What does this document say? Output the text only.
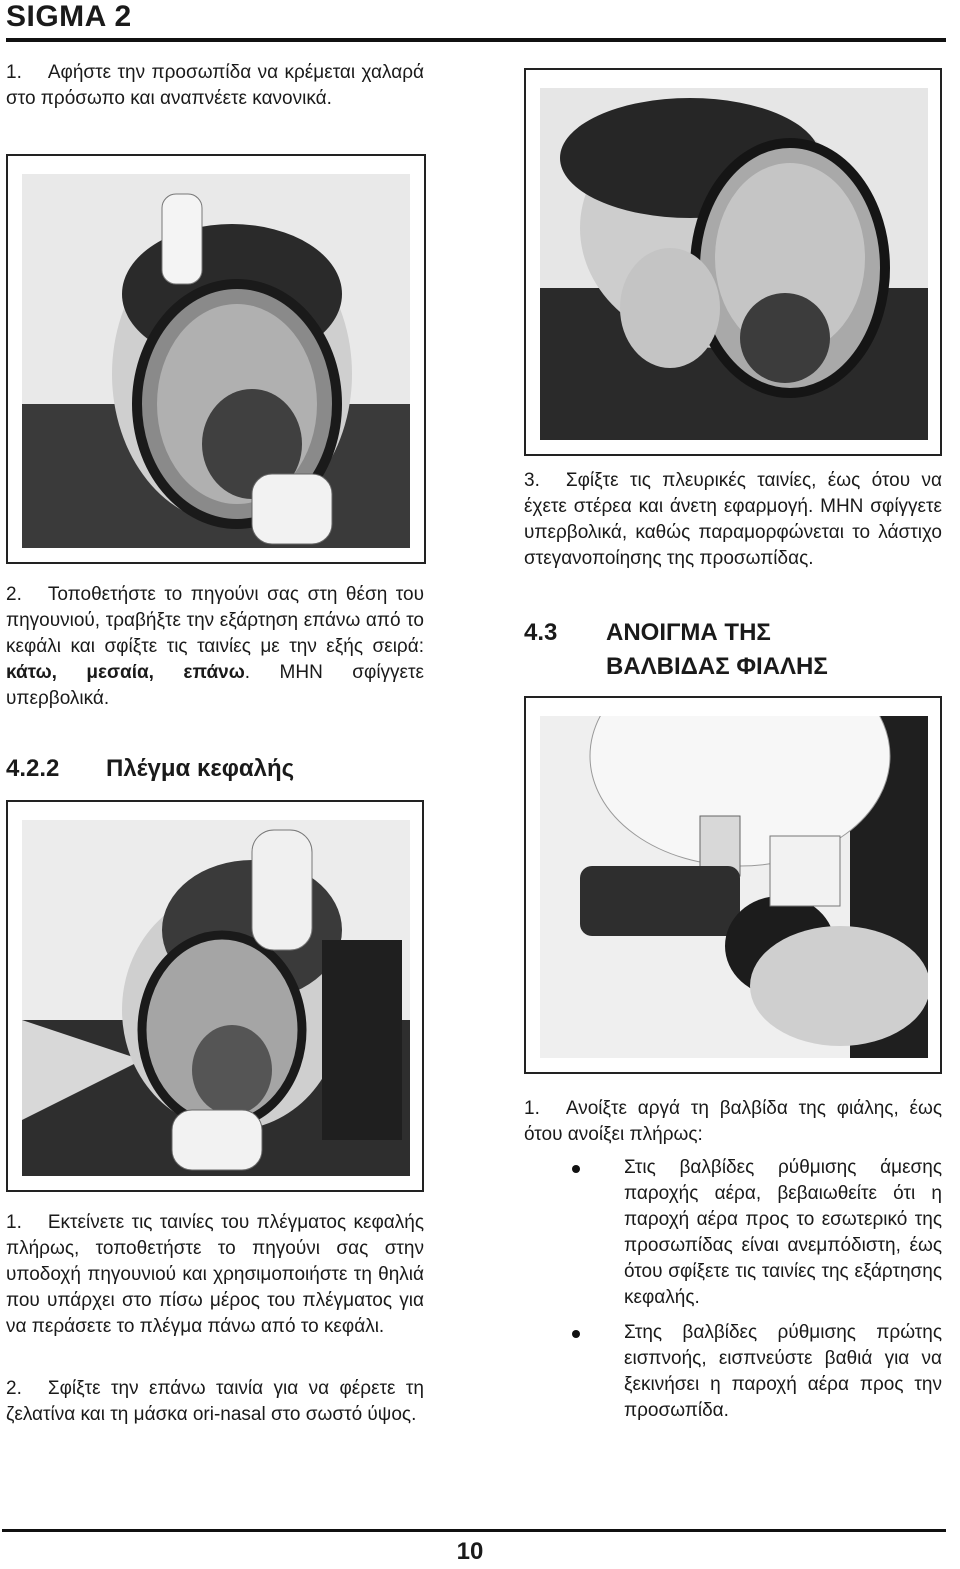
SIGMA 2

1. Αφήστε την προσωπίδα να κρέμεται χαλαρά στο πρόσωπο και αναπνέετε κανονικά.

2. Τοποθετήστε το πηγούνι σας στη θέση του πηγουνιού, τραβήξτε την εξάρτηση επάνω από το κεφάλι και σφίξτε τις ταινίες με την εξής σειρά: κάτω, μεσαία, επάνω. ΜΗΝ σφίγγετε υπερβολικά.

4.2.2 Πλέγμα κεφαλής

1. Εκτείνετε τις ταινίες του πλέγματος κεφαλής πλήρως, τοποθετήστε το πηγούνι σας στην υποδοχή πηγουνιού και χρησιμοποιήστε τη θηλιά που υπάρχει στο πίσω μέρος του πλέγματος για να περάσετε το πλέγμα πάνω από το κεφάλι.

2. Σφίξτε την επάνω ταινία για να φέρετε τη ζελατίνα και τη μάσκα ori-nasal στο σωστό ύψος.

3. Σφίξτε τις πλευρικές ταινίες, έως ότου να έχετε στέρεα και άνετη εφαρμογή. ΜΗΝ σφίγγετε υπερβολικά, καθώς παραμορφώνεται το λάστιχο στεγανοποίησης της προσωπίδας.

4.3	ΑΝΟΙΓΜΑ ΤΗΣ
ΒΑΛΒΙΔΑΣ ΦΙΑΛΗΣ

1. Ανοίξτε αργά τη βαλβίδα της φιάλης, έως ότου ανοίξει πλήρως:

Στις βαλβίδες ρύθμισης άμεσης παροχής αέρα, βεβαιωθείτε ότι η παροχή αέρα προς το εσωτερικό της προσωπίδας είναι ανεμπόδιστη, έως ότου σφίξετε τις ταινίες της εξάρτησης κεφαλής.
Στης βαλβίδες ρύθμισης πρώτης εισπνοής, εισπνεύστε βαθιά για να ξεκινήσει η παροχή αέρα προς την προσωπίδα.
10
